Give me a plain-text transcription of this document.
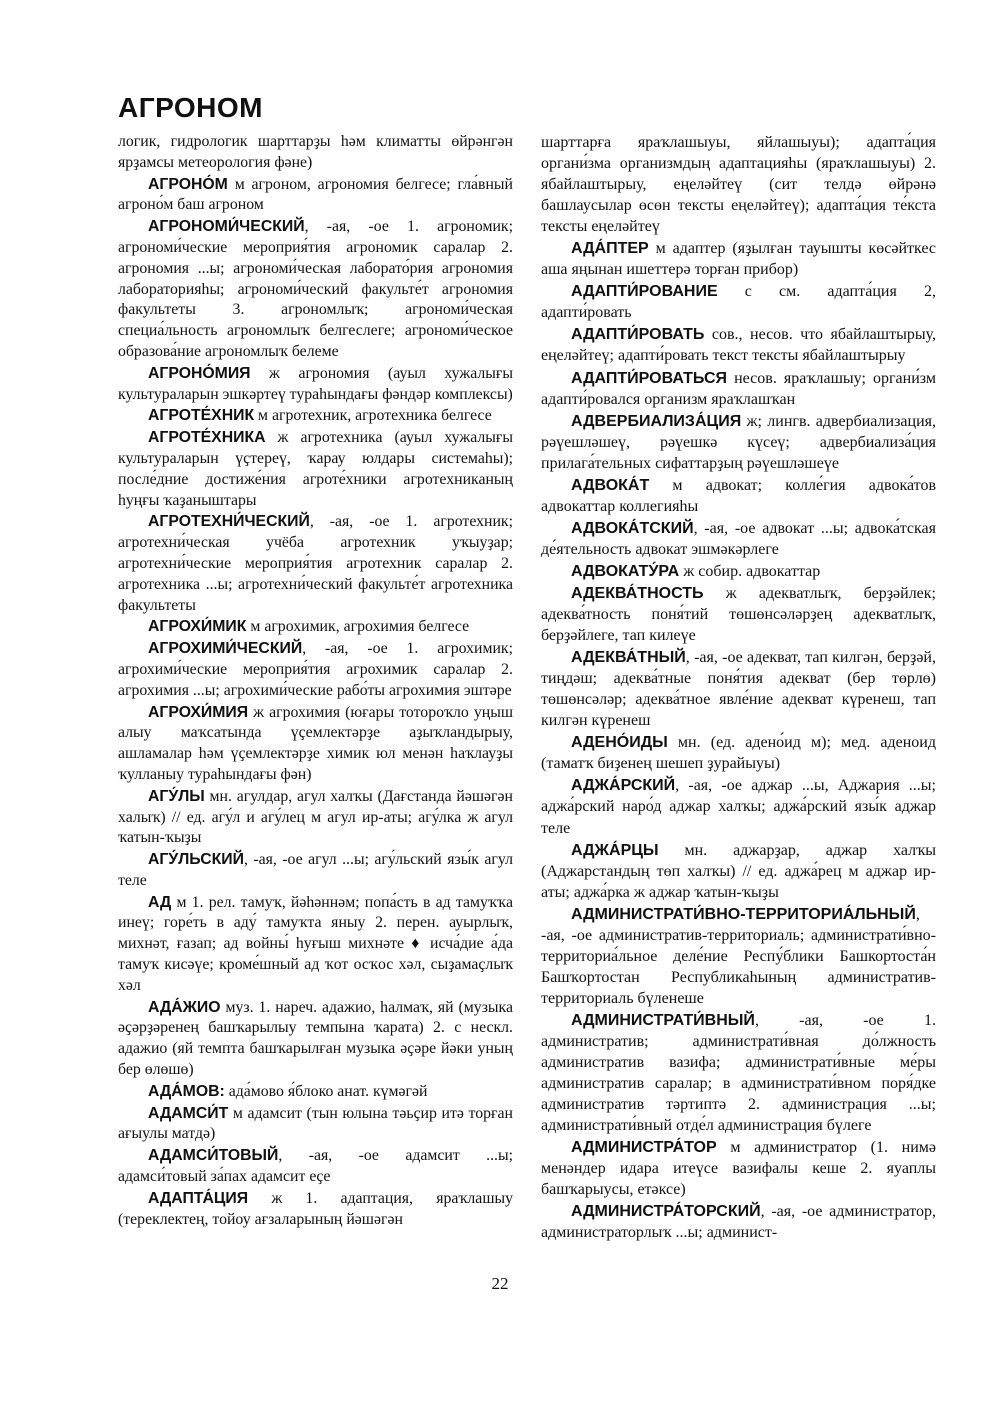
АГРОНОМ

логик, гидрологик шарттарҙы һәм климатты өйрәнгән ярҙамсы метеорология фәне)

АГРОНО́М м агроном, агрономия белгесе; гла́вный агроно́м баш агроном

АГРОНОМИ́ЧЕСКИЙ, -ая, -ое 1. агрономик; агрономи́ческие мероприя́тия агрономик саралар 2. агрономия ...ы; агрономи́ческая лаборато́рия агрономия лабораторияһы; агрономи́ческий факульте́т агрономия факультеты 3. агрономлыҡ; агрономи́ческая специа́льность агрономлыҡ белгеслеге; агрономи́ческое образова́ние агрономлыҡ белеме

АГРОНО́МИЯ ж агрономия (ауыл хужалығы культураларын эшкәртеү тураһындағы фәндәр комплексы)

АГРОТЕ́ХНИК м агротехник, агротехника белгесе

АГРОТЕ́ХНИКА ж агротехника (ауыл хужалығы культураларын үҫтереү, ҡарау юлдары системаһы); после́дние достиже́ния агроте́хники агротехниканың һуңғы ҡаҙаныштары

АГРОТЕХНИ́ЧЕСКИЙ, -ая, -ое 1. агротехник; агротехни́ческая учёба агротехник уҡыуҙар; агротехни́ческие мероприя́тия агротехник саралар 2. агротехника ...ы; агротехни́ческий факульте́т агротехника факультеты

АГРОХИ́МИК м агрохимик, агрохимия белгесе

АГРОХИМИ́ЧЕСКИЙ, -ая, -ое 1. агрохимик; агрохими́ческие мероприя́тия агрохимик саралар 2. агрохимия ...ы; агрохими́ческие рабо́ты агрохимия эштәре

АГРОХИ́МИЯ ж агрохимия (юғары тотороҡло уңыш алыу маҡсатында үҫемлектәрҙе аҙыҡландырыу, ашламалар һәм үҫемлектәрҙе химик юл менән һаҡлауҙы ҡулланыу тураһындағы фән)

АГУ́ЛЫ мн. агулдар, агул халҡы (Дағстанда йәшәгән халыҡ) // ед. агу́л и агу́лец м агул ир-аты; агу́лка ж агул ҡатын-ҡыҙы

АГУ́ЛЬСКИЙ, -ая, -ое агул ...ы; агу́льский язы́к агул теле

АД м 1. рел. тамуҡ, йәһәннәм; попа́сть в ад тамуҡҡа инеү; горе́ть в аду́ тамуҡта яныу 2. перен. ауырлыҡ, михнәт, ғазап; ад войны́ һуғыш михнәте ♦ исча́дие а́да тамуҡ кисәүе; кроме́шный ад ҡот осҡос хәл, сыҙамаҫлыҡ хәл

АДА́ЖИО муз. 1. нареч. адажио, һалмаҡ, яй (музыка әҫәрҙәренең башҡарылыу темпына ҡарата) 2. с нескл. адажио (яй темпта башҡарылған музыка әҫәре йәки уның бер өлөшө)

АДА́МОВ: ада́мово я́блоко анат. күмәгәй

АДАМСИ́Т м адамсит (тын юлына тәьҫир итә торған ағыулы матдә)

АДАМСИ́ТОВЫЙ, -ая, -ое адамсит ...ы; адамси́товый за́пах адамсит еҫе

АДАПТА́ЦИЯ ж 1. адаптация, яраҡлашыу (тереклектең, тойоу ағзаларының йәшәгән

шарттарға яраҡлашыуы, яйлашыуы); адапта́ция органи́зма организмдың адаптацияһы (яраҡлашыуы) 2. ябайлаштырыу, еңеләйтеү (сит телдә өйрәнә башлаусылар өсөн тексты еңеләйтеү); адапта́ция те́кста тексты еңеләйтеү

АДА́ПТЕР м адаптер (яҙылған тауышты көсәйткес аша яңынан ишеттерә торған прибор)

АДАПТИ́РОВАНИЕ с см. адапта́ция 2, адапти́ровать

АДАПТИ́РОВАТЬ сов., несов. что ябайлаштырыу, еңеләйтеү; адапти́ровать текст тексты ябайлаштырыу

АДАПТИ́РОВАТЬСЯ несов. яраҡлашыу; органи́зм адапти́ровался организм яраҡлашҡан

АДВЕРБИАЛИЗА́ЦИЯ ж; лингв. адвербиализация, рәүешләшеү, рәүешкә күсеү; адвербиализа́ция прилага́тельных сифаттарҙың рәүешләшеүе

АДВОКА́Т м адвокат; колле́гия адвока́тов адвокаттар коллегияһы

АДВОКА́ТСКИЙ, -ая, -ое адвокат ...ы; адвока́тская де́ятельность адвокат эшмәкәрлеге

АДВОКАТУ́РА ж собир. адвокаттар

АДЕКВА́ТНОСТЬ ж адекватлыҡ, берҙәйлек; адеква́тность поня́тий төшөнсәләрҙең адекватлыҡ, берҙәйлеге, тап килеүе

АДЕКВА́ТНЫЙ, -ая, -ое адекват, тап килгән, берҙәй, тиңдәш; адеква́тные поня́тия адекват (бер төрлө) төшөнсәләр; адеква́тное явле́ние адекват күренеш, тап килгән күренеш

АДЕНО́ИДЫ мн. (ед. адено́ид м); мед. аденоид (таматҡ биҙенең шешеп ҙурайыуы)

АДЖА́РСКИЙ, -ая, -ое аджар ...ы, Аджария ...ы; аджа́рский наро́д аджар халҡы; аджа́рский язы́к аджар теле

АДЖА́РЦЫ мн. аджарҙар, аджар халҡы (Аджарстандың төп халҡы) // ед. аджа́рец м аджар ир-аты; аджа́рка ж аджар ҡатын-ҡыҙы

АДМИНИСТРАТИ́ВНО-ТЕРРИТОРИА́ЛЬНЫЙ, -ая, -ое административ-территориаль; администрати́вно-территориа́льное деле́ние Респу́блики Башкортоста́н Башҡортостан Республикаһының административ-территориаль бүленеше

АДМИНИСТРАТИ́ВНЫЙ, -ая, -ое 1. административ; администрати́вная до́лжность административ вазифа; администрати́вные ме́ры административ саралар; в администрати́вном поря́дке административ тәртиптә 2. администрация ...ы; администрати́вный отде́л администрация бүлеге

АДМИНИСТРА́ТОР м администратор (1. нимә менәндер идара итеүсе вазифалы кеше 2. яуаплы башҡарыусы, етәксе)

АДМИНИСТРА́ТОРСКИЙ, -ая, -ое администратор, администраторлыҡ ...ы; админист-

22
